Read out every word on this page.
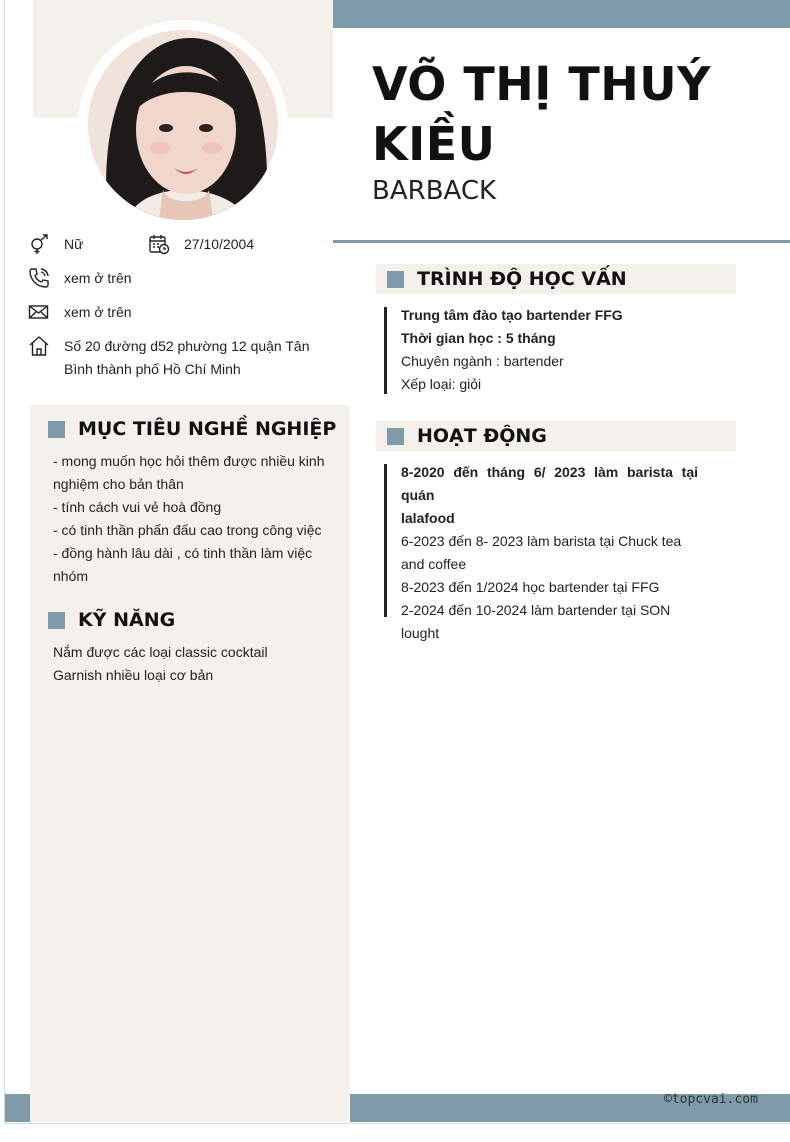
VÕ THỊ THUÝ KIỀU
BARBACK
Nữ	27/10/2004
xem ở trên
xem ở trên
Số 20 đường d52 phường 12 quận Tân
Bình thành phố Hồ Chí Minh
MỤC TIÊU NGHỀ NGHIỆP
- mong muốn học hỏi thêm được nhiều kinh
nghiệm cho bản thân
- tính cách vui vẻ hoà đồng
- có tinh thần phấn đấu cao trong công việc
- đồng hành lâu dài , có tinh thần làm việc
nhóm
KỸ NĂNG
Nắm được các loại classic cocktail
Garnish nhiều loại cơ bản
TRÌNH ĐỘ HỌC VẤN
Trung tâm đào tạo bartender FFG
Thời gian học : 5 tháng
Chuyên ngành : bartender
Xếp loại: giỏi
HOẠT ĐỘNG
8-2020 đến tháng 6/ 2023 làm barista tại quán
lalafood
6-2023 đến 8- 2023 làm barista tại Chuck tea
and coffee
8-2023 đến 1/2024 học bartender tại FFG
2-2024 đến 10-2024 làm bartender tại SON
lought
©topcvai.com
